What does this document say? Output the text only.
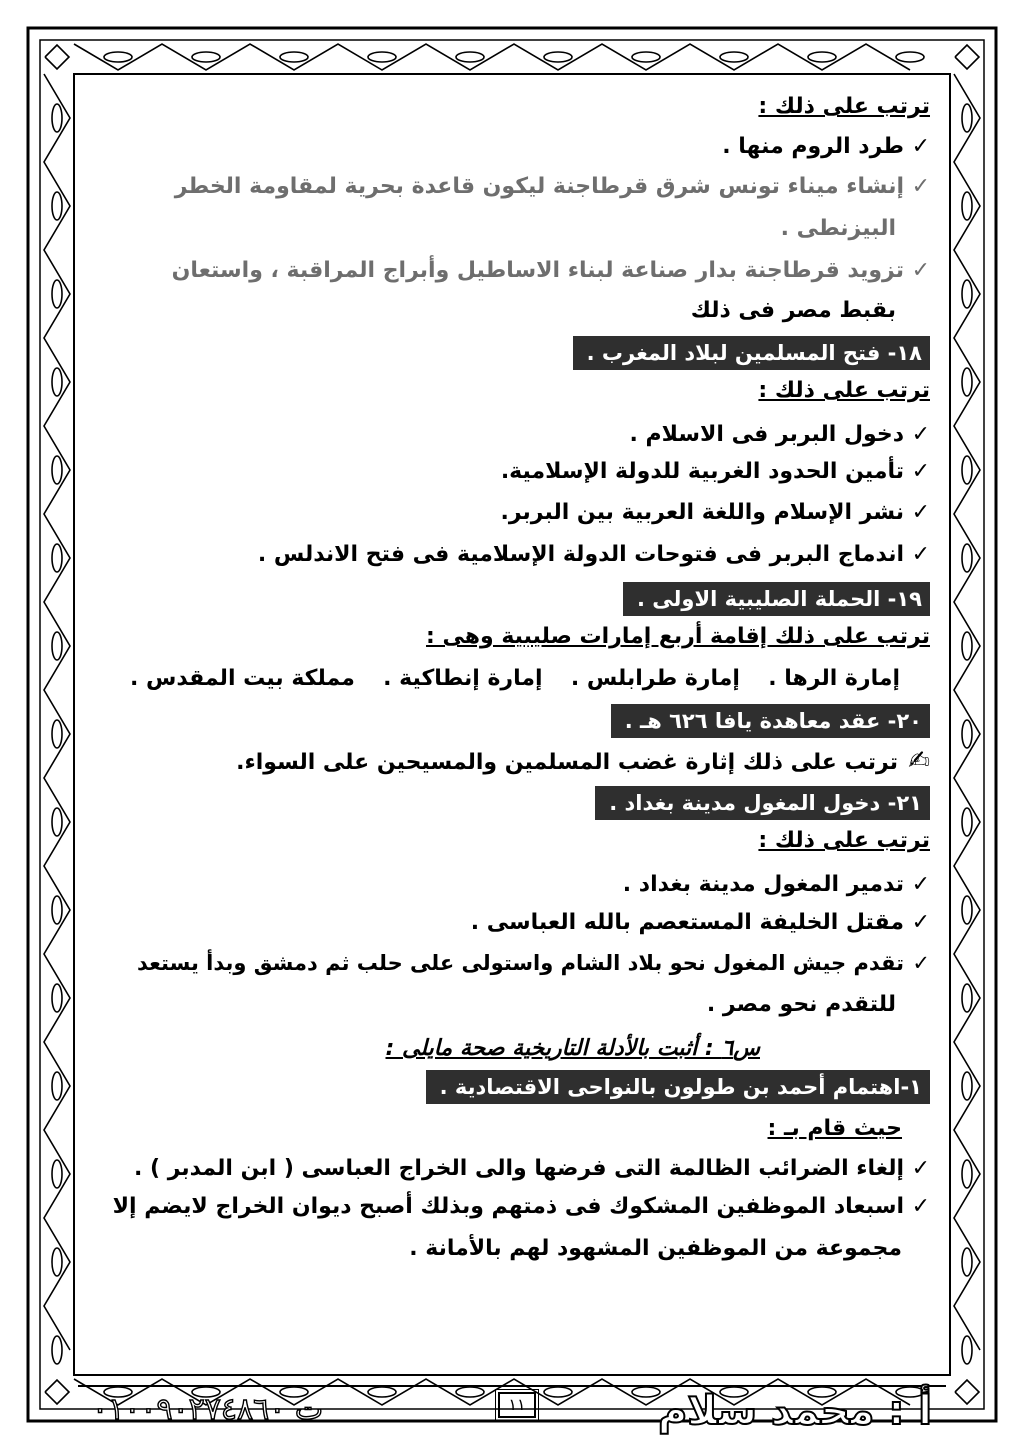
ترتب على ذلك :
✓طرد الروم منها .
✓إنشاء ميناء تونس شرق قرطاجنة ليكون قاعدة بحرية لمقاومة الخطر
البيزنطى .
✓تزويد قرطاجنة بدار صناعة لبناء الاساطيل وأبراج المراقبة ، واستعان
بقبط مصر فى ذلك
١٨- فتح المسلمين لبلاد المغرب .
ترتب على ذلك :
✓دخول البربر فى الاسلام .
✓تأمين الحدود الغربية للدولة الإسلامية.
✓نشر الإسلام واللغة العربية بين البربر.
✓اندماج البربر فى فتوحات الدولة الإسلامية فى فتح الاندلس .
١٩- الحملة الصليبية الاولى .
ترتب على ذلك إقامة أربع إمارات صليبية وهى :
إمارة الرها .
إمارة طرابلس .
إمارة إنطاكية .
مملكة بيت المقدس .
٢٠- عقد معاهدة يافا ٦٢٦ هـ .
✍ترتب على ذلك إثارة غضب المسلمين والمسيحين على السواء.
٢١- دخول المغول مدينة بغداد .
ترتب على ذلك :
✓تدمير المغول مدينة بغداد .
✓مقتل الخليفة المستعصم بالله العباسى .
✓تقدم جيش المغول نحو بلاد الشام واستولى على حلب ثم دمشق وبدأ يستعد
للتقدم نحو مصر .
س٦ : أثبت بالأدلة التاريخية صحة مايلى :
١-اهتمام أحمد بن طولون بالنواحى الاقتصادية .
حيث قام بـ :
✓إلغاء الضرائب الظالمة التى فرضها والى الخراج العباسى ( ابن المدبر ) .
✓اسبعاد الموظفين المشكوك فى ذمتهم وبذلك أصبح ديوان الخراج لايضم إلا
مجموعة من الموظفين المشهود لهم بالأمانة .
أ : محمد سلام
١١
ت ٠١٠٠٩٠٢٧٤٨٦٠
